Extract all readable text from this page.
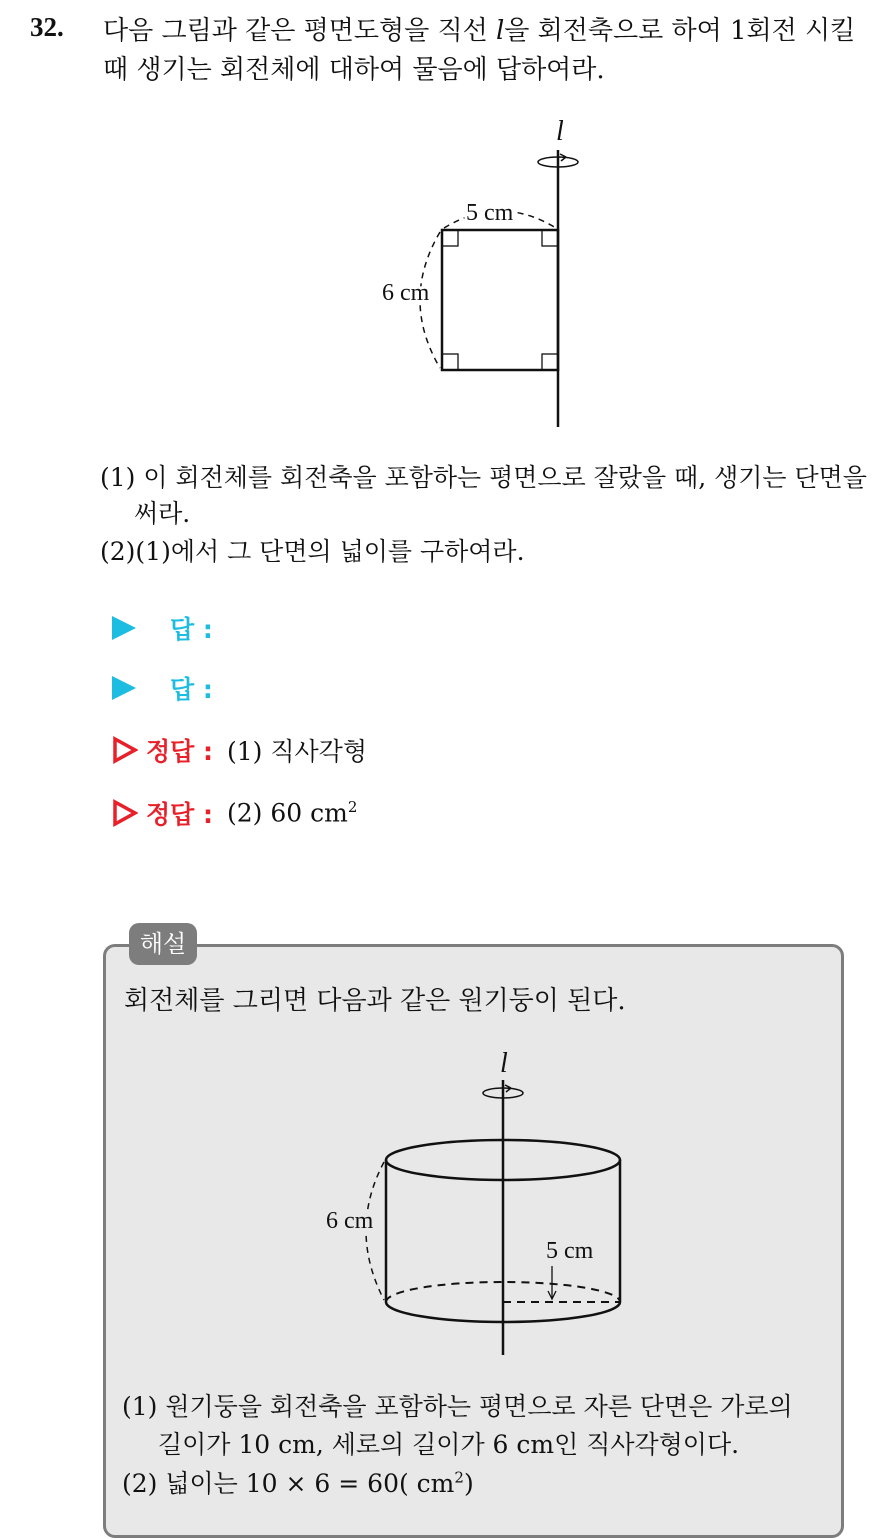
32. 다음 그림과 같은 평면도형을 직선 l을 회전축으로 하여 1회전 시킬 때 생기는 회전체에 대하여 물음에 답하여라.
l
5 cm
6 cm
(1) 이 회전체를 회전축을 포함하는 평면으로 잘랐을 때, 생기는 단면을
써라.
(2)(1)에서 그 단면의 넓이를 구하여라.
답 :
답 :
정답 : (1) 직사각형
정답 : (2) 60 $cm^2$
해설
회전체를 그리면 다음과 같은 원기둥이 된다.
l
6 cm
5 cm
(1) 원기둥을 회전축을 포함하는 평면으로 자른 단면은 가로의
길이가 10 cm, 세로의 길이가 6 cm인 직사각형이다.
(2) 넓이는 10 × 6 = 60( $cm^2$)
